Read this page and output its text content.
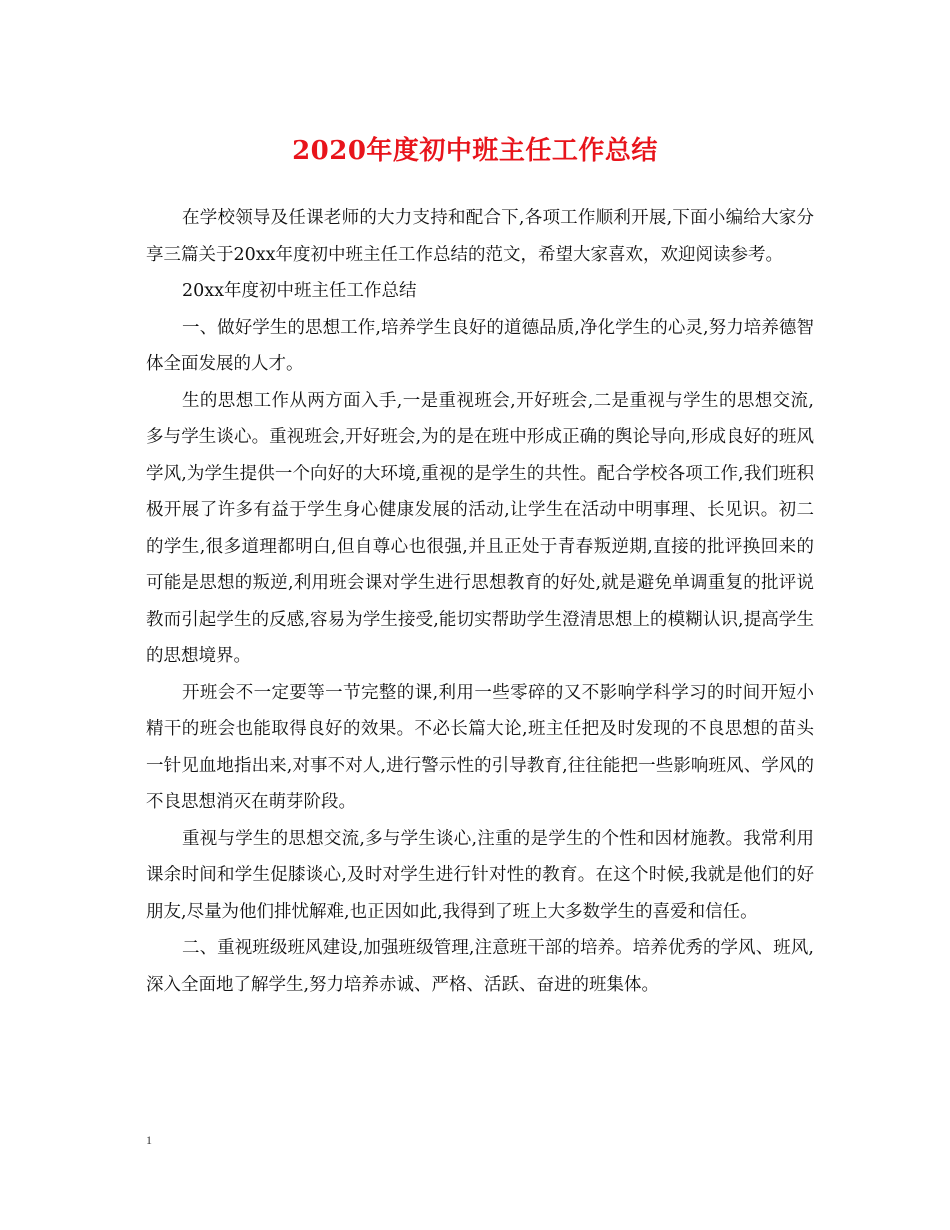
2020年度初中班主任工作总结

在学校领导及任课老师的大力支持和配合下,各项工作顺利开展,下面小编给大家分享三篇关于20xx年度初中班主任工作总结的范文，希望大家喜欢，欢迎阅读参考。

20xx年度初中班主任工作总结

一、做好学生的思想工作,培养学生良好的道德品质,净化学生的心灵,努力培养德智体全面发展的人才。

生的思想工作从两方面入手,一是重视班会,开好班会,二是重视与学生的思想交流,多与学生谈心。重视班会,开好班会,为的是在班中形成正确的舆论导向,形成良好的班风学风,为学生提供一个向好的大环境,重视的是学生的共性。配合学校各项工作,我们班积极开展了许多有益于学生身心健康发展的活动,让学生在活动中明事理、长见识。初二的学生,很多道理都明白,但自尊心也很强,并且正处于青春叛逆期,直接的批评换回来的可能是思想的叛逆,利用班会课对学生进行思想教育的好处,就是避免单调重复的批评说教而引起学生的反感,容易为学生接受,能切实帮助学生澄清思想上的模糊认识,提高学生的思想境界。

开班会不一定要等一节完整的课,利用一些零碎的又不影响学科学习的时间开短小精干的班会也能取得良好的效果。不必长篇大论,班主任把及时发现的不良思想的苗头一针见血地指出来,对事不对人,进行警示性的引导教育,往往能把一些影响班风、学风的不良思想消灭在萌芽阶段。

重视与学生的思想交流,多与学生谈心,注重的是学生的个性和因材施教。我常利用课余时间和学生促膝谈心,及时对学生进行针对性的教育。在这个时候,我就是他们的好朋友,尽量为他们排忧解难,也正因如此,我得到了班上大多数学生的喜爱和信任。

二、重视班级班风建设,加强班级管理,注意班干部的培养。培养优秀的学风、班风,深入全面地了解学生,努力培养赤诚、严格、活跃、奋进的班集体。

1
